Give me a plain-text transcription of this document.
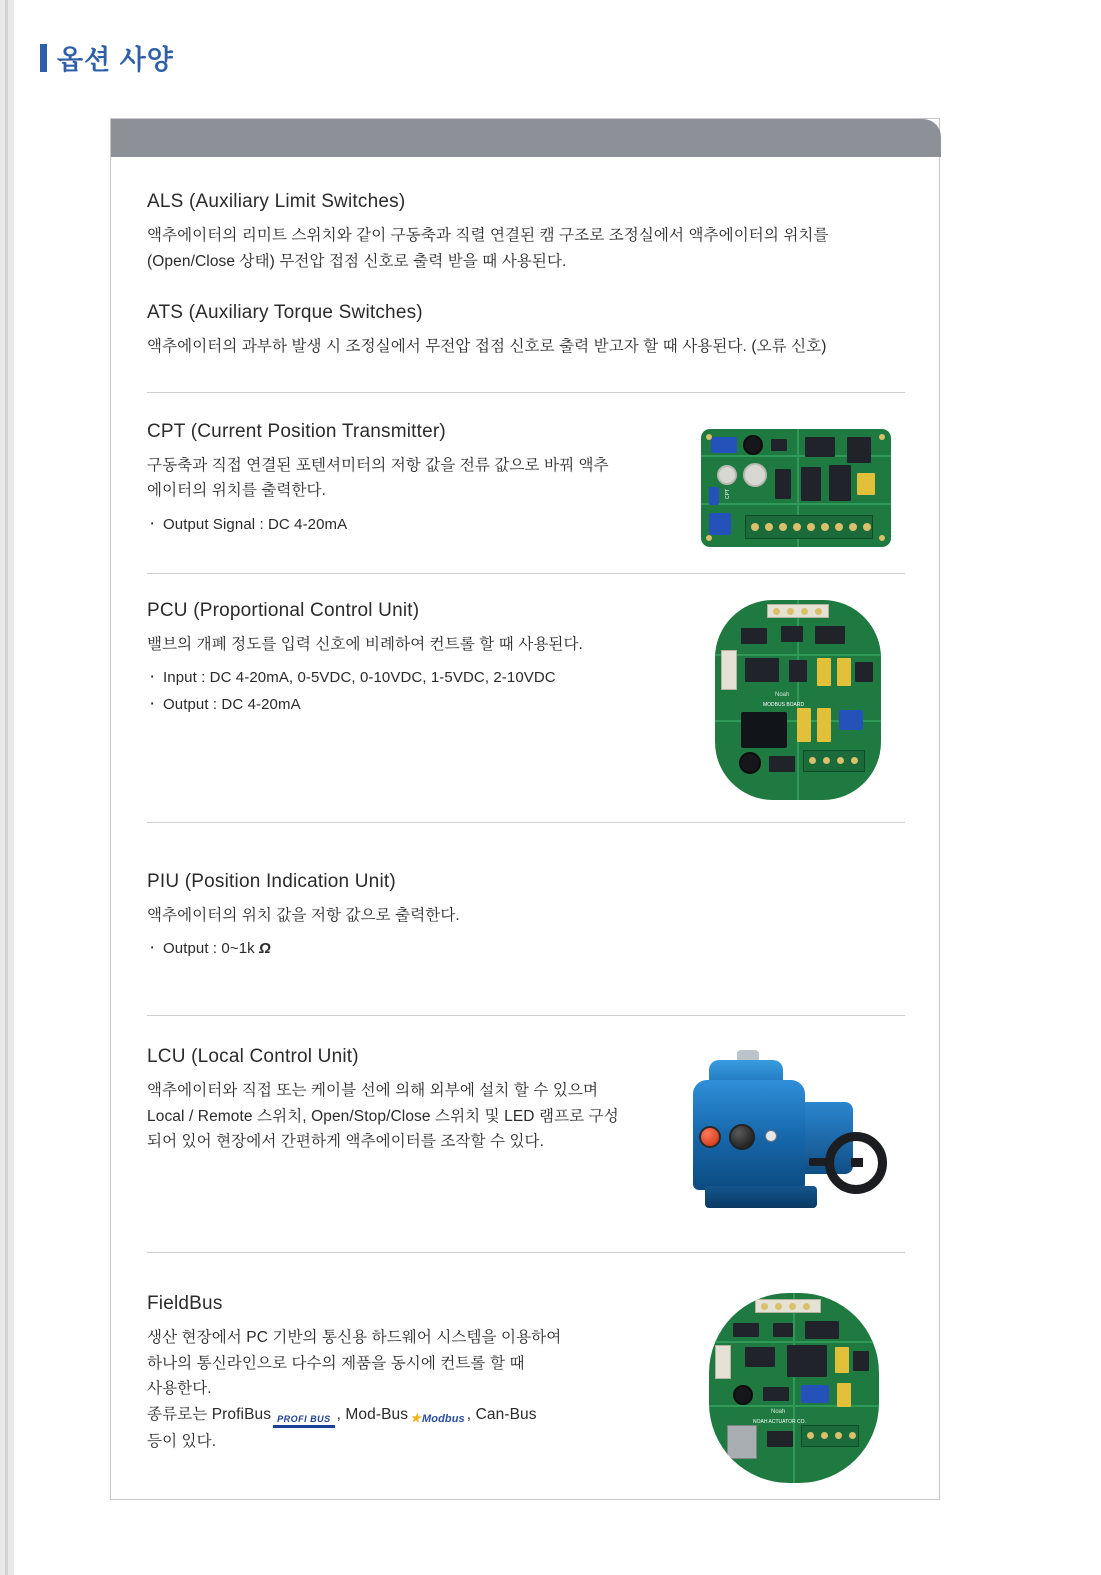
옵션 사양
ALS (Auxiliary Limit Switches)

액추에이터의 리미트 스위치와 같이 구동축과 직렬 연결된 캠 구조로 조정실에서 액추에이터의 위치를 (Open/Close 상태) 무전압 접점 신호로 출력 받을 때 사용된다.

ATS (Auxiliary Torque Switches)

액추에이터의 과부하 발생 시 조정실에서 무전압 접점 신호로 출력 받고자 할 때 사용된다. (오류 신호)

CPT (Current Position Transmitter)

구동축과 직접 연결된 포텐셔미터의 저항 값을 전류 값으로 바꿔 액추에이터의 위치를 출력한다.

· Output Signal : DC 4-20mA
CPT
PCU (Proportional Control Unit)

밸브의 개폐 정도를 입력 신호에 비례하여 컨트롤 할 때 사용된다.

· Input : DC 4-20mA, 0-5VDC, 0-10VDC, 1-5VDC, 2-10VDC
· Output : DC 4-20mA
Noah
MODBUS BOARD
PIU (Position Indication Unit)

액추에이터의 위치 값을 저항 값으로 출력한다.

· Output : 0~1k Ω
LCU (Local Control Unit)

액추에이터와 직접 또는 케이블 선에 의해 외부에 설치 할 수 있으며 Local / Remote 스위치, Open/Stop/Close 스위치 및 LED 램프로 구성되어 있어 현장에서 간편하게 액추에이터를 조작할 수 있다.

FieldBus

생산 현장에서 PC 기반의 통신용 하드웨어 시스템을 이용하여

하나의 통신라인으로 다수의 제품을 동시에 컨트롤 할 때

사용한다.

종류로는 ProfiBus PROFI BUS , Mod-Bus ★Modbus , Can-Bus

등이 있다.

Noah
NOAH ACTUATOR CO.
